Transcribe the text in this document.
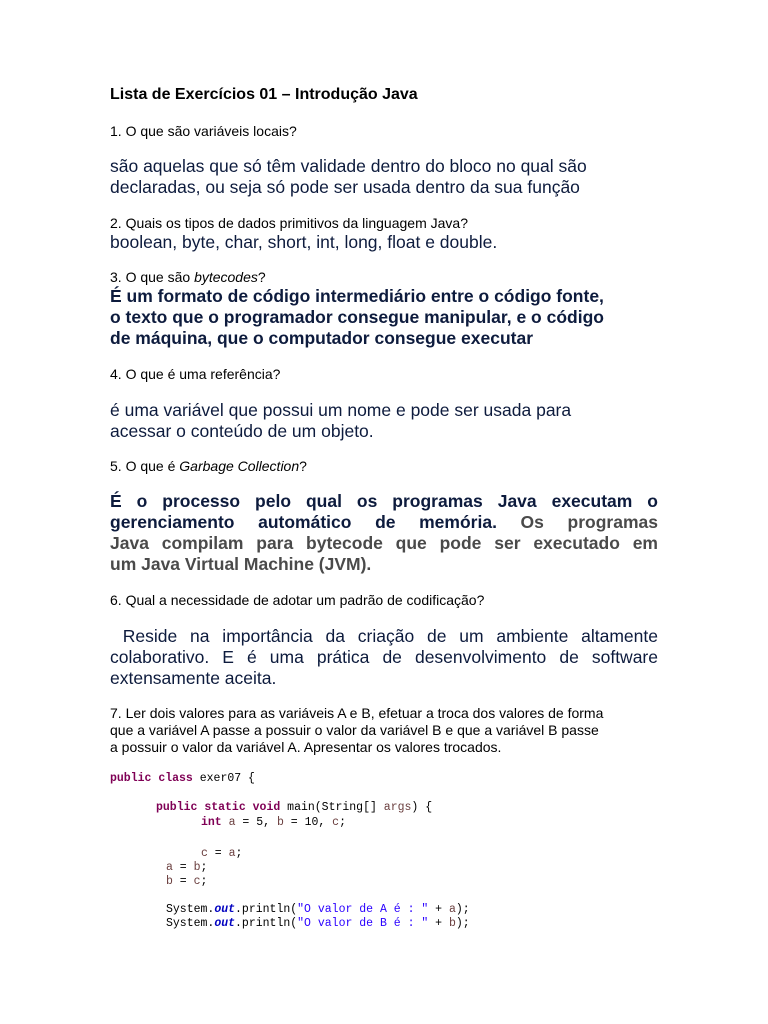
Lista de Exercícios 01 – Introdução Java

1. O que são variáveis locais?

são aquelas que só têm validade dentro do bloco no qual são

declaradas, ou seja só pode ser usada dentro da sua função

2. Quais os tipos de dados primitivos da linguagem Java?

boolean, byte, char, short, int, long, float e double.

3. O que são bytecodes?

É um formato de código intermediário entre o código fonte,

o texto que o programador consegue manipular, e o código

de máquina, que o computador consegue executar

4. O que é uma referência?

é uma variável que possui um nome e pode ser usada para

acessar o conteúdo de um objeto.

5. O que é Garbage Collection?

É o processo pelo qual os programas Java executam o
gerenciamento automático de memória. Os programas
Java compilam para bytecode que pode ser executado em
um Java Virtual Machine (JVM).

6. Qual a necessidade de adotar um padrão de codificação?

Reside na importância da criação de um ambiente altamente
colaborativo. E é uma prática de desenvolvimento de software
extensamente aceita.

7. Ler dois valores para as variáveis A e B, efetuar a troca dos valores de forma

que a variável A passe a possuir o valor da variável B e que a variável B passe

a possuir o valor da variável A. Apresentar os valores trocados.

public class exer07 {
public static void main(String[] args) {
int a = 5, b = 10, c;
c = a;
a = b;
b = c;
System.out.println("O valor de A é : " + a);
System.out.println("O valor de B é : " + b);
